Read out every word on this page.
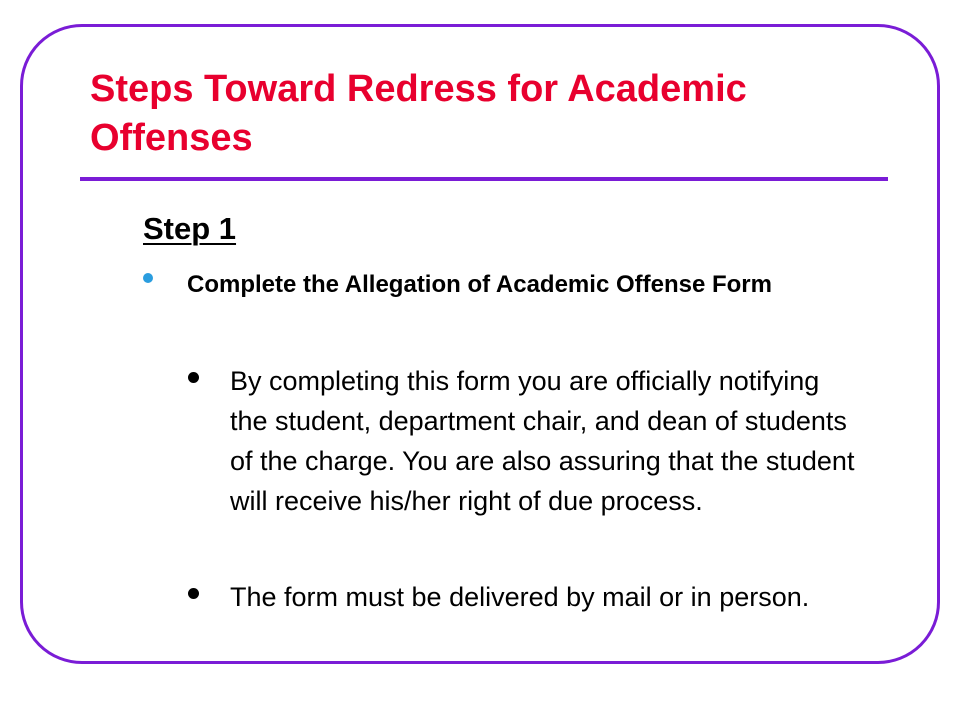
Steps Toward Redress for Academic Offenses
Step 1
Complete the Allegation of Academic Offense Form
By completing this form you are officially notifying the student, department chair, and dean of students of the charge. You are also assuring that the student will receive his/her right of due process.
The form must be delivered by mail or in person.
